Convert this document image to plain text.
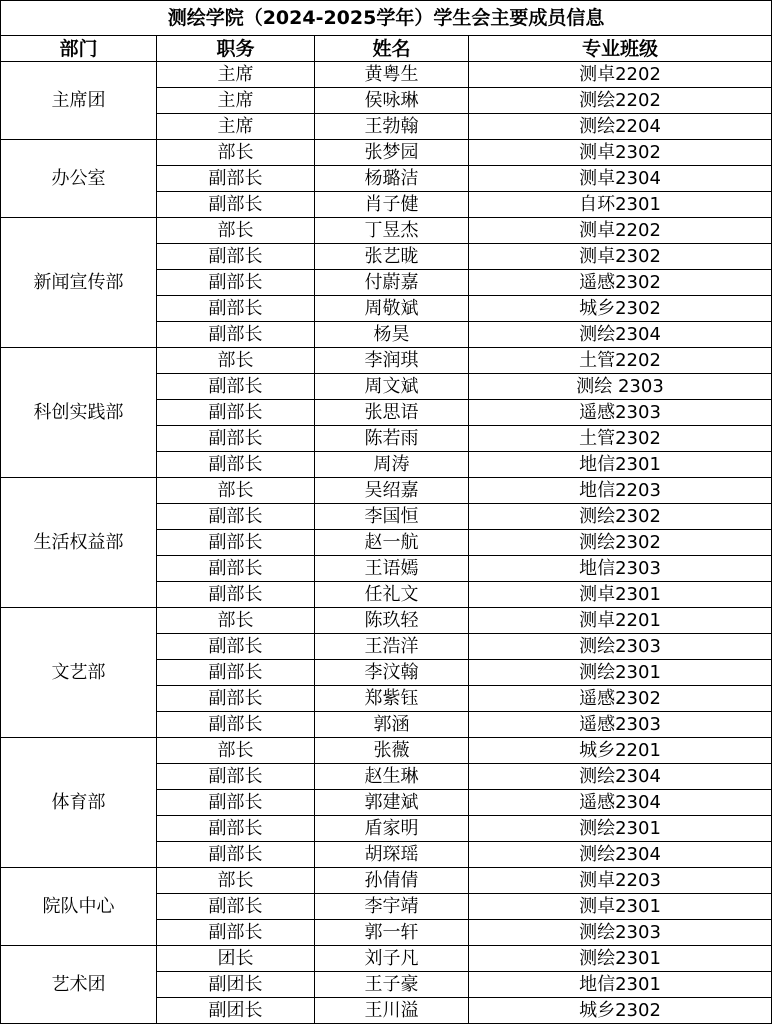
测绘学院（2024-2025学年）学生会主要成员信息			
部门	职务	姓名	专业班级
主席团	主席	黄粤生	测卓2202
	主席	侯咏琳	测绘2202
	主席	王勃翰	测绘2204
办公室	部长	张梦园	测卓2302
	副部长	杨璐洁	测卓2304
	副部长	肖子健	自环2301
新闻宣传部	部长	丁昱杰	测卓2202
	副部长	张艺昽	测卓2302
	副部长	付蔚嘉	遥感2302
	副部长	周敬斌	城乡2302
	副部长	杨昊	测绘2304
科创实践部	部长	李润琪	土管2202
	副部长	周文斌	测绘 2303
	副部长	张思语	遥感2303
	副部长	陈若雨	土管2302
	副部长	周涛	地信2301
生活权益部	部长	吴绍嘉	地信2203
	副部长	李国恒	测绘2302
	副部长	赵一航	测绘2302
	副部长	王语嫣	地信2303
	副部长	任礼文	测卓2301
文艺部	部长	陈玖轻	测卓2201
	副部长	王浩洋	测绘2303
	副部长	李汶翰	测绘2301
	副部长	郑紫钰	遥感2302
	副部长	郭涵	遥感2303
体育部	部长	张薇	城乡2201
	副部长	赵生琳	测绘2304
	副部长	郭建斌	遥感2304
	副部长	盾家明	测绘2301
	副部长	胡琛瑶	测绘2304
院队中心	部长	孙倩倩	测卓2203
	副部长	李宇靖	测卓2301
	副部长	郭一轩	测绘2303
艺术团	团长	刘子凡	测绘2301
	副团长	王子豪	地信2301
	副团长	王川溢	城乡2302
